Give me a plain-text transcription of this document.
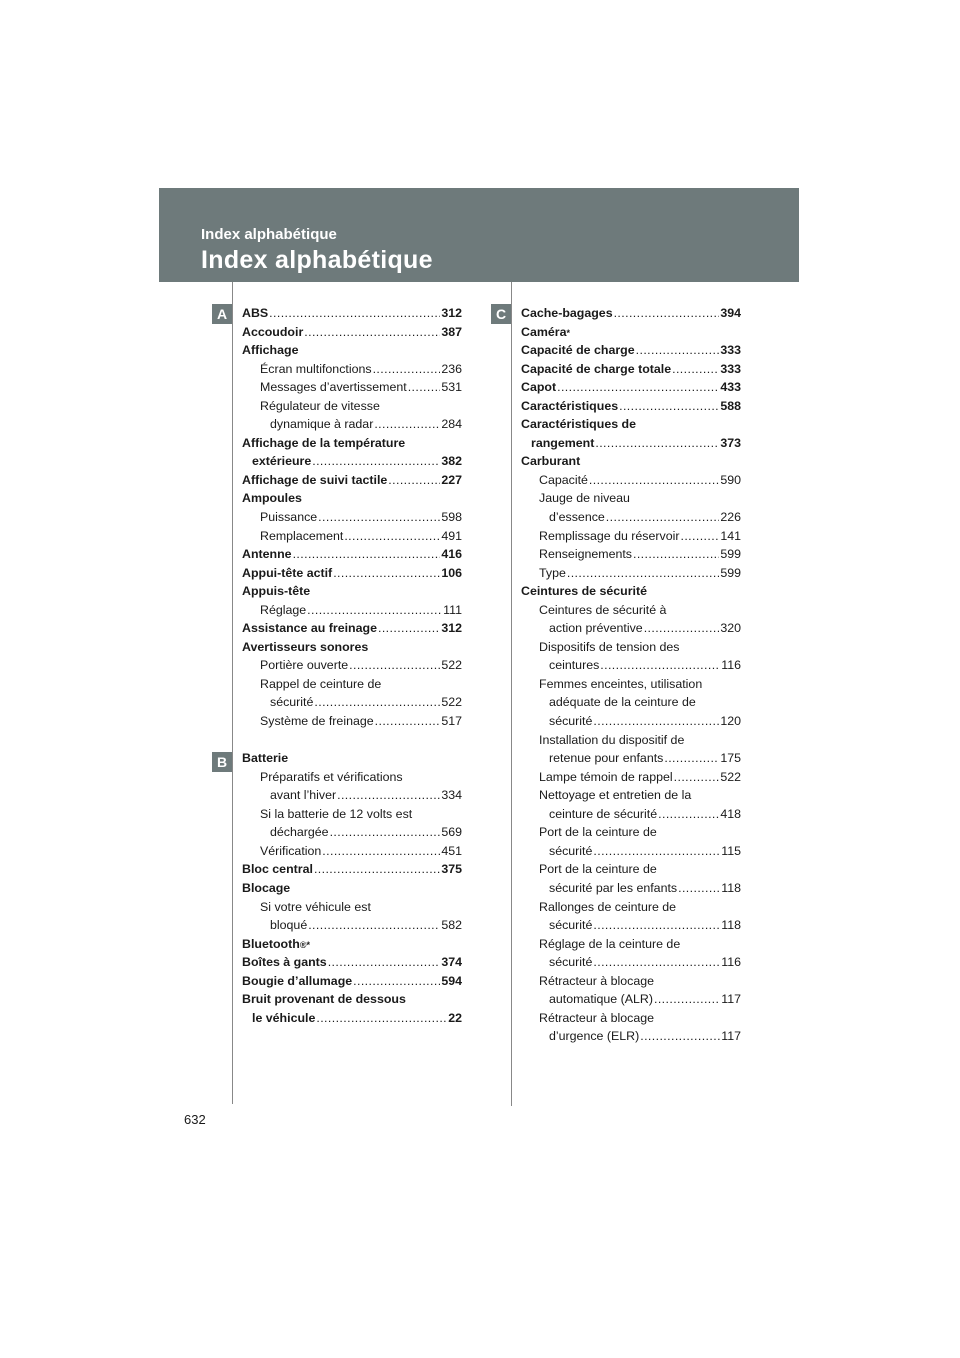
Index alphabétique
Index alphabétique
A
B
C
ABS .....	312
Accoudoir .....	387
Affichage
Écran multifonctions .....	236
Messages d’avertissement .....	531
Régulateur de vitesse
dynamique à radar .....	284
Affichage de la température
extérieure .....	382
Affichage de suivi tactile .....	227
Ampoules
Puissance .....	598
Remplacement .....	491
Antenne .....	416
Appui-tête actif .....	106
Appuis-tête
Réglage .....	111
Assistance au freinage .....	312
Avertisseurs sonores
Portière ouverte .....	522
Rappel de ceinture de
sécurité .....	522
Système de freinage .....	517
Batterie
Préparatifs et vérifications
avant l’hiver .....	334
Si la batterie de 12 volts est
déchargée .....	569
Vérification .....	451
Bloc central .....	375
Blocage
Si votre véhicule est
bloqué .....	582
Bluetooth ®*
Boîtes à gants .....	374
Bougie d’allumage .....	594
Bruit provenant de dessous
le véhicule .....	22
Cache-bagages .....	394
Caméra *
Capacité de charge .....	333
Capacité de charge totale .....	333
Capot .....	433
Caractéristiques .....	588
Caractéristiques de
rangement .....	373
Carburant
Capacité .....	590
Jauge de niveau
d’essence .....	226
Remplissage du réservoir .....	141
Renseignements .....	599
Type .....	599
Ceintures de sécurité
Ceintures de sécurité à
action préventive .....	320
Dispositifs de tension des
ceintures .....	116
Femmes enceintes, utilisation
adéquate de la ceinture de
sécurité .....	120
Installation du dispositif de
retenue pour enfants .....	175
Lampe témoin de rappel .....	522
Nettoyage et entretien de la
ceinture de sécurité .....	418
Port de la ceinture de
sécurité .....	115
Port de la ceinture de
sécurité par les enfants .....	118
Rallonges de ceinture de
sécurité .....	118
Réglage de la ceinture de
sécurité .....	116
Rétracteur à blocage
automatique (ALR) .....	117
Rétracteur à blocage
d’urgence (ELR) .....	117
632
